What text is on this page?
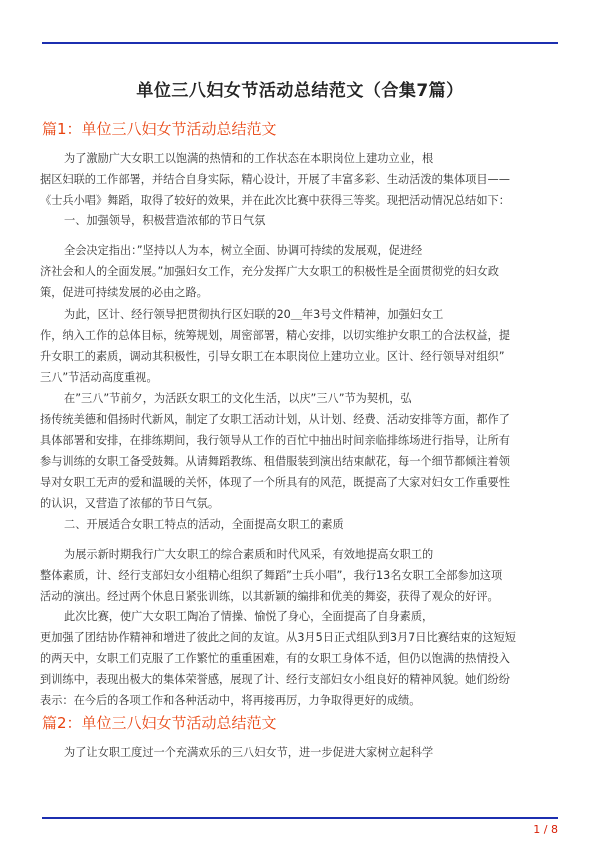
单位三八妇女节活动总结范文（合集7篇）
篇1：单位三八妇女节活动总结范文
为了激励广大女职工以饱满的热情和的工作状态在本职岗位上建功立业，根
据区妇联的工作部署，并结合自身实际，精心设计，开展了丰富多彩、生动活泼的集体项目——
《士兵小唱》舞蹈，取得了较好的效果，并在此次比赛中获得三等奖。现把活动情况总结如下：
一、加强领导，积极营造浓郁的节日气氛
全会决定指出：”坚持以人为本，树立全面、协调可持续的发展观，促进经
济社会和人的全面发展。”加强妇女工作，充分发挥广大女职工的积极性是全面贯彻党的妇女政
策，促进可持续发展的必由之路。
为此，区计、经行领导把贯彻执行区妇联的20＿年3号文件精神，加强妇女工
作，纳入工作的总体目标，统筹规划，周密部署，精心安排，以切实维护女职工的合法权益，提
升女职工的素质，调动其积极性，引导女职工在本职岗位上建功立业。区计、经行领导对组织”
三八”节活动高度重视。
在”三八”节前夕，为活跃女职工的文化生活，以庆”三八”节为契机，弘
扬传统美德和倡扬时代新风，制定了女职工活动计划，从计划、经费、活动安排等方面，都作了
具体部署和安排，在排练期间，我行领导从工作的百忙中抽出时间亲临排练场进行指导，让所有
参与训练的女职工备受鼓舞。从请舞蹈教练、租借服装到演出结束献花，每一个细节都倾注着领
导对女职工无声的爱和温暖的关怀，体现了一个所具有的风范，既提高了大家对妇女工作重要性
的认识，又营造了浓郁的节日气氛。
二、开展适合女职工特点的活动，全面提高女职工的素质
为展示新时期我行广大女职工的综合素质和时代风采，有效地提高女职工的
整体素质，计、经行支部妇女小组精心组织了舞蹈”士兵小唱”，我行13名女职工全部参加这项
活动的演出。经过两个休息日紧张训练，以其新颖的编排和优美的舞姿，获得了观众的好评。
此次比赛，使广大女职工陶冶了情操、愉悦了身心，全面提高了自身素质，
更加强了团结协作精神和增进了彼此之间的友谊。从3月5日正式组队到3月7日比赛结束的这短短
的两天中，女职工们克服了工作繁忙的重重困难，有的女职工身体不适，但仍以饱满的热情投入
到训练中，表现出极大的集体荣誉感，展现了计、经行支部妇女小组良好的精神风貌。她们纷纷
表示：在今后的各项工作和各种活动中，将再接再厉，力争取得更好的成绩。
篇2：单位三八妇女节活动总结范文
为了让女职工度过一个充满欢乐的三八妇女节，进一步促进大家树立起科学
1 / 8
